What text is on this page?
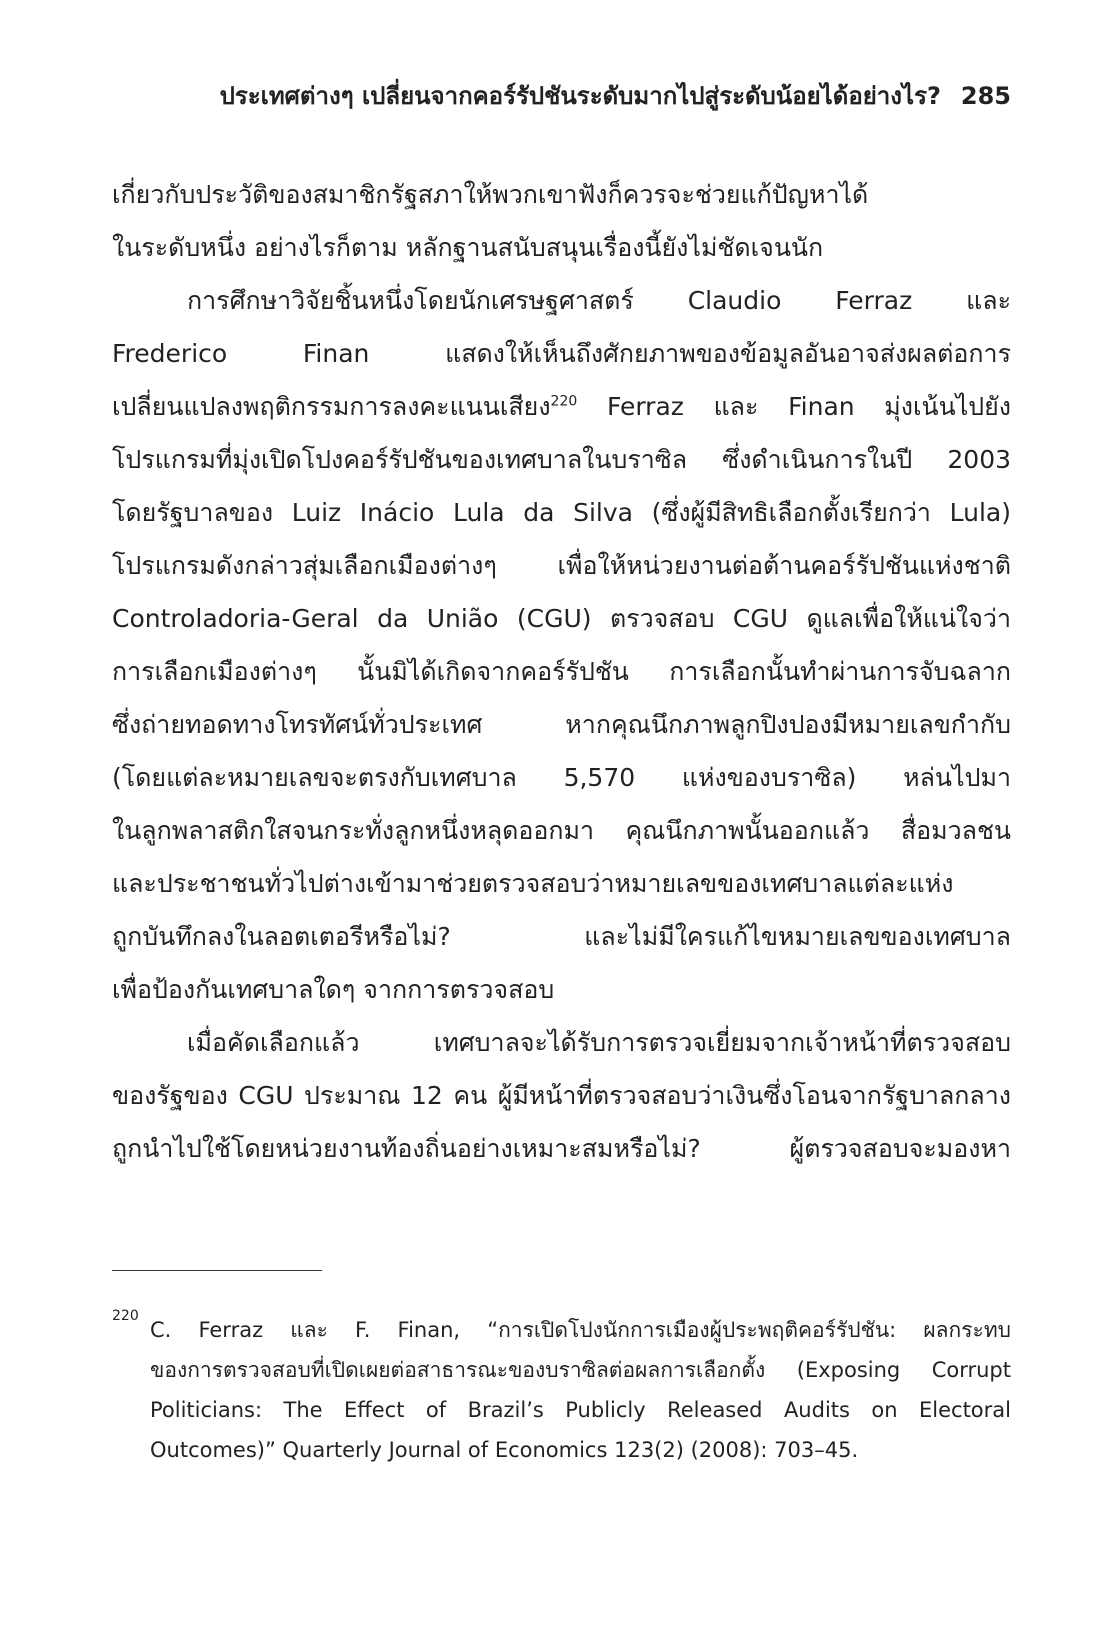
ประเทศต่างๆ เปลี่ยนจากคอร์รัปชันระดับมากไปสู่ระดับน้อยได้อย่างไร? 285
เกี่ยวกับประวัติของสมาชิกรัฐสภาให้พวกเขาฟังก็ควรจะช่วยแก้ปัญหาได้
ในระดับหนึ่ง อย่างไรก็ตาม หลักฐานสนับสนุนเรื่องนี้ยังไม่ชัดเจนนัก
การศึกษาวิจัยชิ้นหนึ่งโดยนักเศรษฐศาสตร์ Claudio Ferraz และ
Frederico Finan แสดงให้เห็นถึงศักยภาพของข้อมูลอันอาจส่งผลต่อการ
เปลี่ยนแปลงพฤติกรรมการลงคะแนนเสียง$^{220}$ Ferraz และ Finan มุ่งเน้นไปยัง
โปรแกรมที่มุ่งเปิดโปงคอร์รัปชันของเทศบาลในบราซิล ซึ่งดำเนินการในปี 2003
โดยรัฐบาลของ Luiz Inácio Lula da Silva (ซึ่งผู้มีสิทธิเลือกตั้งเรียกว่า Lula)
โปรแกรมดังกล่าวสุ่มเลือกเมืองต่างๆ เพื่อให้หน่วยงานต่อต้านคอร์รัปชันแห่งชาติ
Controladoria-Geral da União (CGU) ตรวจสอบ CGU ดูแลเพื่อให้แน่ใจว่า
การเลือกเมืองต่างๆ นั้นมิได้เกิดจากคอร์รัปชัน การเลือกนั้นทำผ่านการจับฉลาก
ซึ่งถ่ายทอดทางโทรทัศน์ทั่วประเทศ หากคุณนึกภาพลูกปิงปองมีหมายเลขกำกับ
(โดยแต่ละหมายเลขจะตรงกับเทศบาล 5,570 แห่งของบราซิล) หล่นไปมา
ในลูกพลาสติกใสจนกระทั่งลูกหนึ่งหลุดออกมา คุณนึกภาพนั้นออกแล้ว สื่อมวลชน
และประชาชนทั่วไปต่างเข้ามาช่วยตรวจสอบว่าหมายเลขของเทศบาลแต่ละแห่ง
ถูกบันทึกลงในลอตเตอรีหรือไม่? และไม่มีใครแก้ไขหมายเลขของเทศบาล
เพื่อป้องกันเทศบาลใดๆ จากการตรวจสอบ
เมื่อคัดเลือกแล้ว เทศบาลจะได้รับการตรวจเยี่ยมจากเจ้าหน้าที่ตรวจสอบ
ของรัฐของ CGU ประมาณ 12 คน ผู้มีหน้าที่ตรวจสอบว่าเงินซึ่งโอนจากรัฐบาลกลาง
ถูกนำไปใช้โดยหน่วยงานท้องถิ่นอย่างเหมาะสมหรือไม่? ผู้ตรวจสอบจะมองหา
220
C. Ferraz และ F. Finan, “การเปิดโปงนักการเมืองผู้ประพฤติคอร์รัปชัน: ผลกระทบ
ของการตรวจสอบที่เปิดเผยต่อสาธารณะของบราซิลต่อผลการเลือกตั้ง (Exposing Corrupt
Politicians: The Effect of Brazil’s Publicly Released Audits on Electoral
Outcomes)” Quarterly Journal of Economics 123(2) (2008): 703–45.
